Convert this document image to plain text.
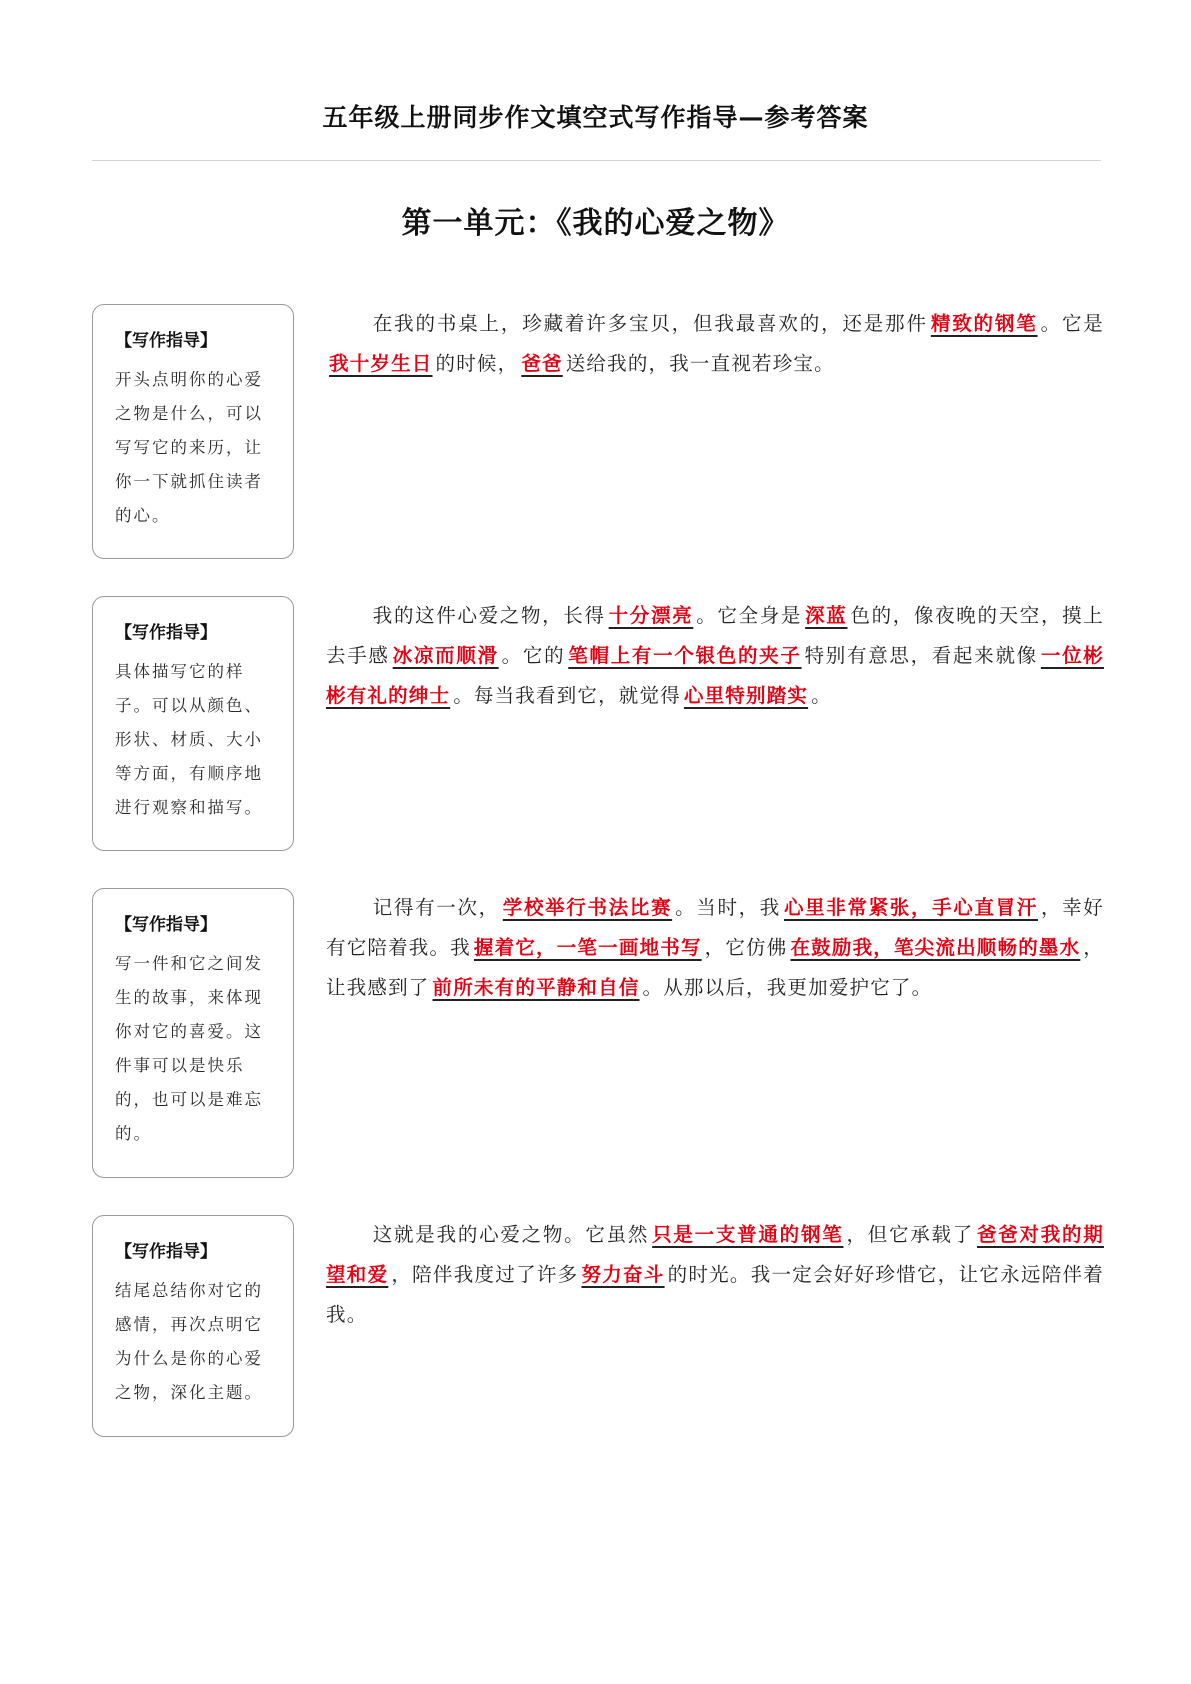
五年级上册同步作文填空式写作指导—参考答案
第一单元：《我的心爱之物》
【写作指导】
开头点明你的心爱之物是什么，可以写写它的来历，让你一下就抓住读者的心。
在我的书桌上，珍藏着许多宝贝，但我最喜欢的，还是那件 精致的钢笔 。它是我十岁生日 的时候， 爸爸 送给我的，我一直视若珍宝。
【写作指导】
具体描写它的样子。可以从颜色、形状、材质、大小等方面，有顺序地进行观察和描写。
我的这件心爱之物，长得 十分漂亮 。它全身是 深蓝 色的，像夜晚的天空，摸上去手感 冰凉而顺滑 。它的 笔帽上有一个银色的夹子 特别有意思，看起来就像 一位彬彬有礼的绅士 。每当我看到它，就觉得 心里特别踏实 。
【写作指导】
写一件和它之间发生的故事，来体现你对它的喜爱。这件事可以是快乐的，也可以是难忘的。
记得有一次， 学校举行书法比赛 。当时，我 心里非常紧张，手心直冒汗 ，幸好有它陪着我。我 握着它，一笔一画地书写 ，它仿佛 在鼓励我，笔尖流出顺畅的墨水 ，让我感到了 前所未有的平静和自信 。从那以后，我更加爱护它了。
【写作指导】
结尾总结你对它的感情，再次点明它为什么是你的心爱之物，深化主题。
这就是我的心爱之物。它虽然 只是一支普通的钢笔 ，但它承载了 爸爸对我的期望和爱 ，陪伴我度过了许多 努力奋斗 的时光。我一定会好好珍惜它，让它永远陪伴着我。
